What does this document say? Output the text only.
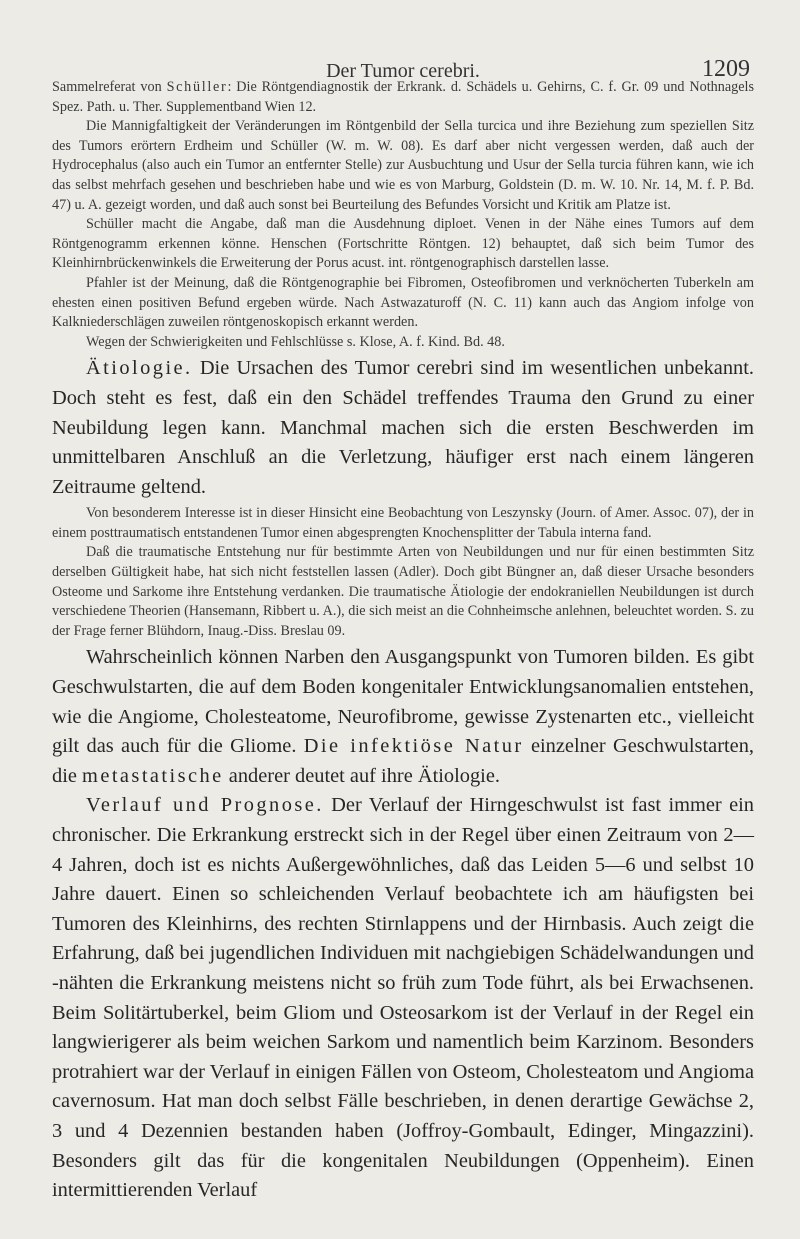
Der Tumor cerebri.	1209

Sammelreferat von Schüller: Die Röntgendiagnostik der Erkrank. d. Schädels u. Gehirns, C. f. Gr. 09 und Nothnagels Spez. Path. u. Ther. Supplementband Wien 12.

Die Mannigfaltigkeit der Veränderungen im Röntgenbild der Sella turcica und ihre Beziehung zum speziellen Sitz des Tumors erörtern Erdheim und Schüller (W. m. W. 08). Es darf aber nicht vergessen werden, daß auch der Hydrocephalus (also auch ein Tumor an entfernter Stelle) zur Ausbuchtung und Usur der Sella turcia führen kann, wie ich das selbst mehrfach gesehen und beschrieben habe und wie es von Marburg, Goldstein (D. m. W. 10. Nr. 14, M. f. P. Bd. 47) u. A. gezeigt worden, und daß auch sonst bei Beurteilung des Befundes Vorsicht und Kritik am Platze ist.

Schüller macht die Angabe, daß man die Ausdehnung diploet. Venen in der Nähe eines Tumors auf dem Röntgenogramm erkennen könne. Henschen (Fortschritte Röntgen. 12) behauptet, daß sich beim Tumor des Kleinhirnbrückenwinkels die Erweiterung der Porus acust. int. röntgenographisch darstellen lasse.

Pfahler ist der Meinung, daß die Röntgenographie bei Fibromen, Osteofibromen und verknöcherten Tuberkeln am ehesten einen positiven Befund ergeben würde. Nach Astwazaturoff (N. C. 11) kann auch das Angiom infolge von Kalkniederschlägen zuweilen röntgenoskopisch erkannt werden.

Wegen der Schwierigkeiten und Fehlschlüsse s. Klose, A. f. Kind. Bd. 48.

Ätiologie. Die Ursachen des Tumor cerebri sind im wesentlichen unbekannt. Doch steht es fest, daß ein den Schädel treffendes Trauma den Grund zu einer Neubildung legen kann. Manchmal machen sich die ersten Beschwerden im unmittelbaren Anschluß an die Verletzung, häufiger erst nach einem längeren Zeitraume geltend.

Von besonderem Interesse ist in dieser Hinsicht eine Beobachtung von Leszynsky (Journ. of Amer. Assoc. 07), der in einem posttraumatisch entstandenen Tumor einen abgesprengten Knochensplitter der Tabula interna fand.

Daß die traumatische Entstehung nur für bestimmte Arten von Neubildungen und nur für einen bestimmten Sitz derselben Gültigkeit habe, hat sich nicht feststellen lassen (Adler). Doch gibt Büngner an, daß dieser Ursache besonders Osteome und Sarkome ihre Entstehung verdanken. Die traumatische Ätiologie der endokraniellen Neubildungen ist durch verschiedene Theorien (Hansemann, Ribbert u. A.), die sich meist an die Cohnheimsche anlehnen, beleuchtet worden. S. zu der Frage ferner Blühdorn, Inaug.-Diss. Breslau 09.

Wahrscheinlich können Narben den Ausgangspunkt von Tumoren bilden. Es gibt Geschwulstarten, die auf dem Boden kongenitaler Entwicklungsanomalien entstehen, wie die Angiome, Cholesteatome, Neurofibrome, gewisse Zystenarten etc., vielleicht gilt das auch für die Gliome. Die infektiöse Natur einzelner Geschwulstarten, die metastatische anderer deutet auf ihre Ätiologie.

Verlauf und Prognose. Der Verlauf der Hirngeschwulst ist fast immer ein chronischer. Die Erkrankung erstreckt sich in der Regel über einen Zeitraum von 2—4 Jahren, doch ist es nichts Außergewöhnliches, daß das Leiden 5—6 und selbst 10 Jahre dauert. Einen so schleichenden Verlauf beobachtete ich am häufigsten bei Tumoren des Kleinhirns, des rechten Stirnlappens und der Hirnbasis. Auch zeigt die Erfahrung, daß bei jugendlichen Individuen mit nachgiebigen Schädelwandungen und -nähten die Erkrankung meistens nicht so früh zum Tode führt, als bei Erwachsenen. Beim Solitärtuberkel, beim Gliom und Osteosarkom ist der Verlauf in der Regel ein langwierigerer als beim weichen Sarkom und namentlich beim Karzinom. Besonders protrahiert war der Verlauf in einigen Fällen von Osteom, Cholesteatom und Angioma cavernosum. Hat man doch selbst Fälle beschrieben, in denen derartige Gewächse 2, 3 und 4 Dezennien bestanden haben (Joffroy-Gombault, Edinger, Mingazzini). Besonders gilt das für die kongenitalen Neubildungen (Oppenheim). Einen intermittierenden Verlauf
